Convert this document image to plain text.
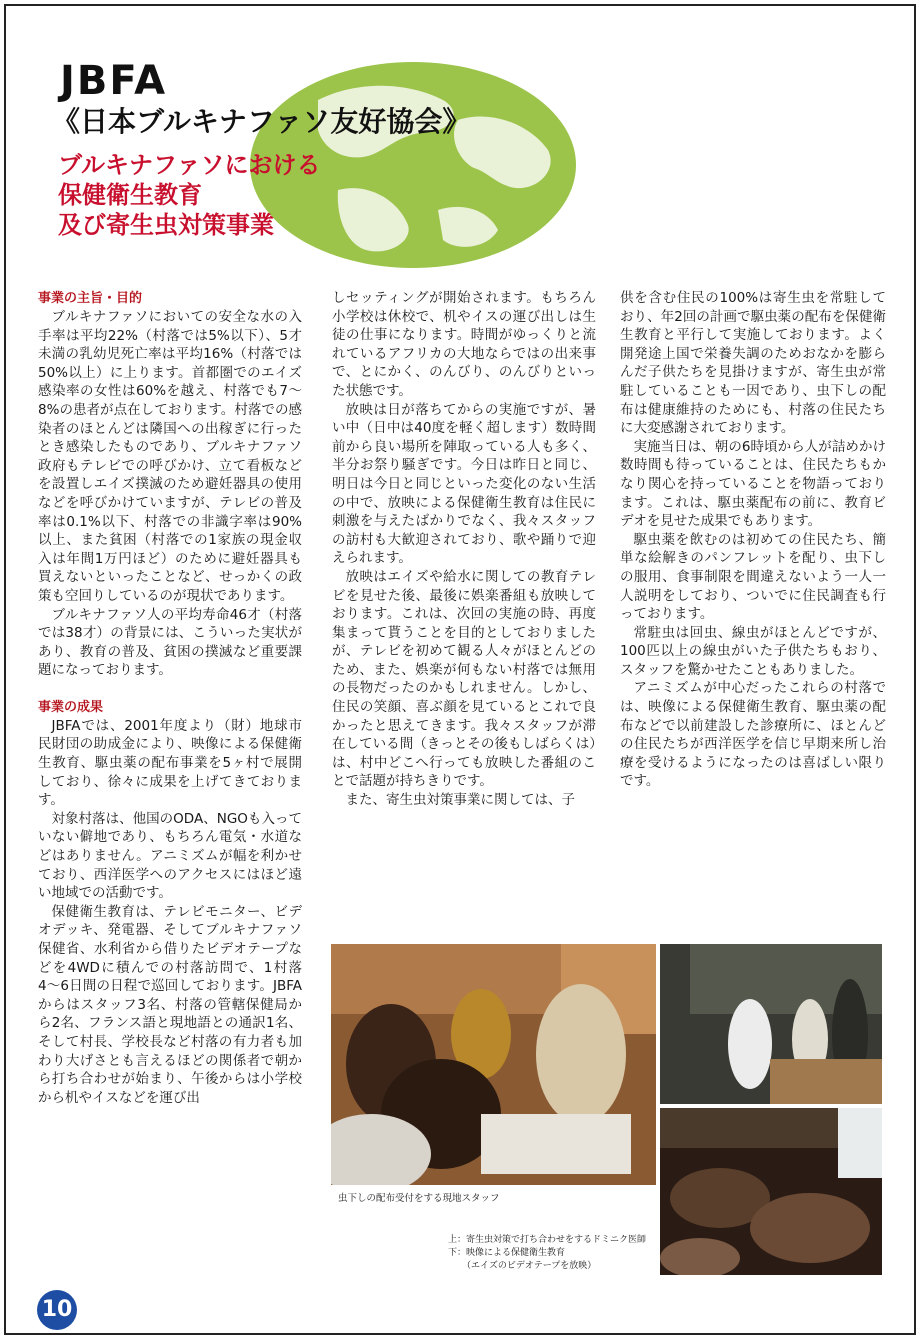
JBFA
《日本ブルキナファソ友好協会》
ブルキナファソにおける
保健衛生教育
及び寄生虫対策事業
事業の主旨・目的

ブルキナファソにおいての安全な水の入手率は平均22%（村落では5%以下）、5才未満の乳幼児死亡率は平均16%（村落では50%以上）に上ります。首都圏でのエイズ感染率の女性は60%を越え、村落でも7〜8%の患者が点在しております。村落での感染者のほとんどは隣国への出稼ぎに行ったとき感染したものであり、ブルキナファソ政府もテレビでの呼びかけ、立て看板などを設置しエイズ撲滅のため避妊器具の使用などを呼びかけていますが、テレビの普及率は0.1%以下、村落での非識字率は90%以上、また貧困（村落での1家族の現金収入は年間1万円ほど）のために避妊器具も買えないといったことなど、せっかくの政策も空回りしているのが現状であります。

ブルキナファソ人の平均寿命46才（村落では38才）の背景には、こういった実状があり、教育の普及、貧困の撲滅など重要課題になっております。

事業の成果

JBFAでは、2001年度より（財）地球市民財団の助成金により、映像による保健衛生教育、駆虫薬の配布事業を5ヶ村で展開しており、徐々に成果を上げてきております。

対象村落は、他国のODA、NGOも入っていない僻地であり、もちろん電気・水道などはありません。アニミズムが幅を利かせており、西洋医学へのアクセスにはほど遠い地域での活動です。

保健衛生教育は、テレビモニター、ビデオデッキ、発電器、そしてブルキナファソ保健省、水利省から借りたビデオテープなどを4WDに積んでの村落訪問で、1村落4〜6日間の日程で巡回しております。JBFAからはスタッフ3名、村落の管轄保健局から2名、フランス語と現地語との通訳1名、そして村長、学校長など村落の有力者も加わり大げさとも言えるほどの関係者で朝から打ち合わせが始まり、午後からは小学校から机やイスなどを運び出

しセッティングが開始されます。もちろん小学校は休校で、机やイスの運び出しは生徒の仕事になります。時間がゆっくりと流れているアフリカの大地ならではの出来事で、とにかく、のんびり、のんびりといった状態です。

放映は日が落ちてからの実施ですが、暑い中（日中は40度を軽く超します）数時間前から良い場所を陣取っている人も多く、半分お祭り騒ぎです。今日は昨日と同じ、明日は今日と同じといった変化のない生活の中で、放映による保健衛生教育は住民に刺激を与えたばかりでなく、我々スタッフの訪村も大歓迎されており、歌や踊りで迎えられます。

放映はエイズや給水に関しての教育テレビを見せた後、最後に娯楽番組も放映しております。これは、次回の実施の時、再度集まって貰うことを目的としておりましたが、テレビを初めて観る人々がほとんどのため、また、娯楽が何もない村落では無用の長物だったのかもしれません。しかし、住民の笑顔、喜ぶ顔を見ているとこれで良かったと思えてきます。我々スタッフが滞在している間（きっとその後もしばらくは）は、村中どこへ行っても放映した番組のことで話題が持ちきりです。

また、寄生虫対策事業に関しては、子

供を含む住民の100%は寄生虫を常駐しており、年2回の計画で駆虫薬の配布を保健衛生教育と平行して実施しております。よく開発途上国で栄養失調のためおなかを膨らんだ子供たちを見掛けますが、寄生虫が常駐していることも一因であり、虫下しの配布は健康維持のためにも、村落の住民たちに大変感謝されております。

実施当日は、朝の6時頃から人が詰めかけ数時間も待っていることは、住民たちもかなり関心を持っていることを物語っております。これは、駆虫薬配布の前に、教育ビデオを見せた成果でもあります。

駆虫薬を飲むのは初めての住民たち、簡単な絵解きのパンフレットを配り、虫下しの服用、食事制限を間違えないよう一人一人説明をしており、ついでに住民調査も行っております。

常駐虫は回虫、線虫がほとんどですが、100匹以上の線虫がいた子供たちもおり、スタッフを驚かせたこともありました。

アニミズムが中心だったこれらの村落では、映像による保健衛生教育、駆虫薬の配布などで以前建設した診療所に、ほとんどの住民たちが西洋医学を信じ早期来所し治療を受けるようになったのは喜ばしい限りです。

虫下しの配布受付をする現地スタッフ
上：寄生虫対策で打ち合わせをするドミニク医師
下：映像による保健衛生教育
（エイズのビデオテープを放映）
10
